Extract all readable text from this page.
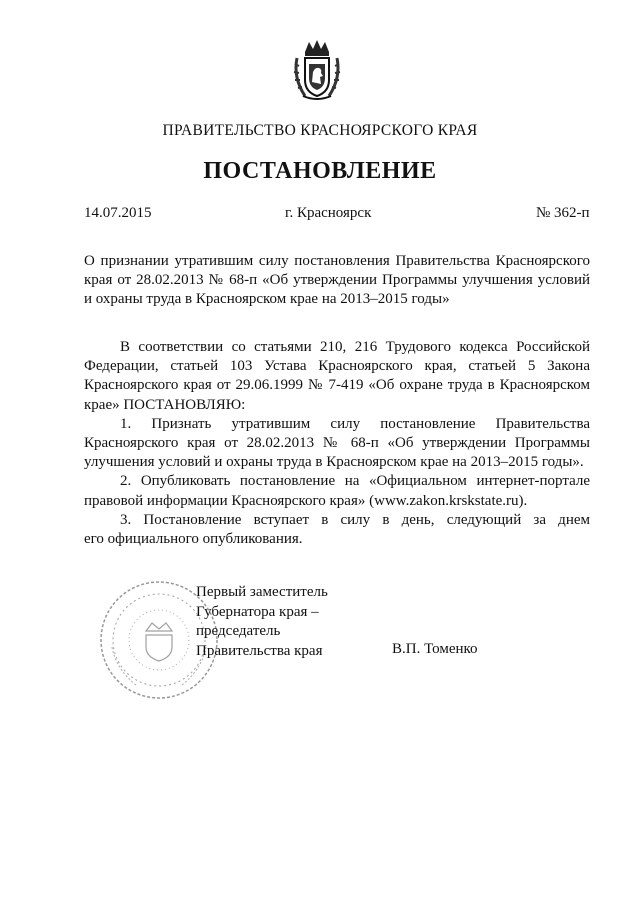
ПРАВИТЕЛЬСТВО КРАСНОЯРСКОГО КРАЯ
ПОСТАНОВЛЕНИЕ
14.07.2015	г. Красноярск	№ 362-п
О признании утратившим силу постановления Правительства Красноярского
края от 28.02.2013 № 68-п «Об утверждении Программы улучшения условий
и охраны труда в Красноярском крае на 2013–2015 годы»
В соответствии со статьями 210, 216 Трудового кодекса Российской
Федерации, статьей 103 Устава Красноярского края, статьей 5 Закона
Красноярского края от 29.06.1999 № 7-419 «Об охране труда в Красноярском
крае» ПОСТАНОВЛЯЮ:
1. Признать утратившим силу постановление Правительства
Красноярского края от 28.02.2013 № 68-п «Об утверждении Программы
улучшения условий и охраны труда в Красноярском крае на 2013–2015 годы».
2. Опубликовать постановление на «Официальном интернет-портале
правовой информации Красноярского края» (www.zakon.krskstate.ru).
3. Постановление вступает в силу в день, следующий за днем
его официального опубликования.
Первый заместитель
Губернатора края –
председатель
Правительства края	В.П. Томенко
